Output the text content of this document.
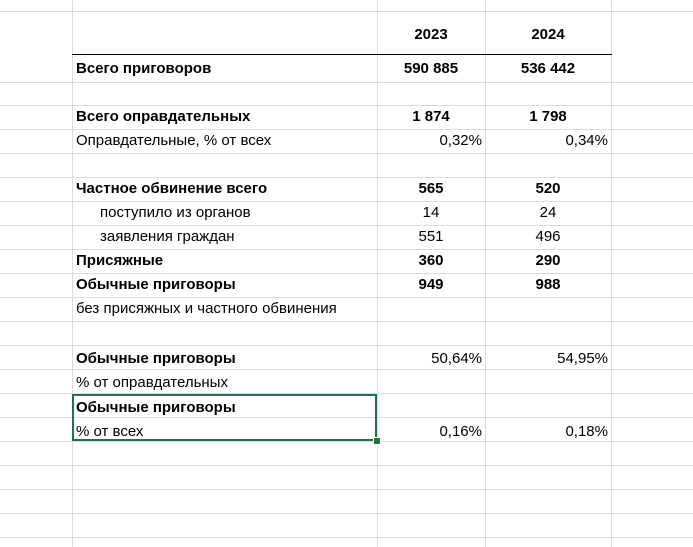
2023	2024
Всего приговоров	590 885	536 442
Всего оправдательных	1 874	1 798
Оправдательные, % от всех	0,32%	0,34%
Частное обвинение всего	565	520
поступило из органов	14	24
заявления граждан	551	496
Присяжные	360	290
Обычные приговоры	949	988
без присяжных и частного обвинения
Обычные приговоры	50,64%	54,95%
% от оправдательных
Обычные приговоры
% от всех	0,16%	0,18%
